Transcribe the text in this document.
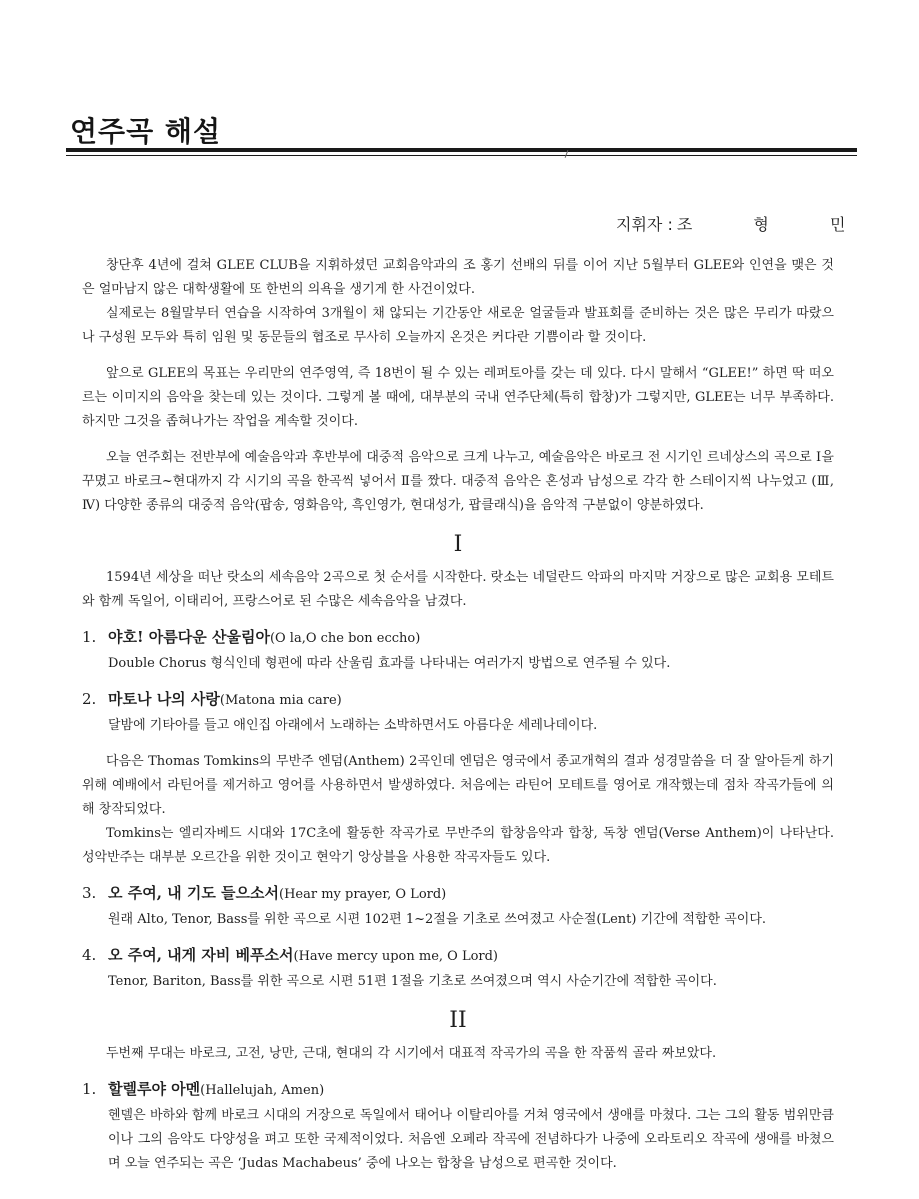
연주곡 해설
지휘자 : 조 형 민

창단후 4년에 걸쳐 GLEE CLUB을 지휘하셨던 교회음악과의 조 홍기 선배의 뒤를 이어 지난 5월부터 GLEE와 인연을 맺은 것은 얼마남지 않은 대학생활에 또 한번의 의욕을 생기게 한 사건이었다.

실제로는 8월말부터 연습을 시작하여 3개월이 채 않되는 기간동안 새로운 얼굴들과 발표회를 준비하는 것은 많은 무리가 따랐으나 구성원 모두와 특히 임원 및 동문들의 협조로 무사히 오늘까지 온것은 커다란 기쁨이라 할 것이다.

앞으로 GLEE의 목표는 우리만의 연주영역, 즉 18번이 될 수 있는 레퍼토아를 갖는 데 있다. 다시 말해서 “GLEE!” 하면 딱 떠오르는 이미지의 음악을 찾는데 있는 것이다. 그렇게 볼 때에, 대부분의 국내 연주단체(특히 합창)가 그렇지만, GLEE는 너무 부족하다. 하지만 그것을 좁혀나가는 작업을 계속할 것이다.

오늘 연주회는 전반부에 예술음악과 후반부에 대중적 음악으로 크게 나누고, 예술음악은 바로크 전 시기인 르네상스의 곡으로 Ⅰ을 꾸몄고 바로크~현대까지 각 시기의 곡을 한곡씩 넣어서 Ⅱ를 짰다. 대중적 음악은 혼성과 남성으로 각각 한 스테이지씩 나누었고 (Ⅲ, Ⅳ) 다양한 종류의 대중적 음악(팝송, 영화음악, 흑인영가, 현대성가, 팝클래식)을 음악적 구분없이 양분하였다.

I

1594년 세상을 떠난 랏소의 세속음악 2곡으로 첫 순서를 시작한다. 랏소는 네덜란드 악파의 마지막 거장으로 많은 교회용 모테트와 함께 독일어, 이태리어, 프랑스어로 된 수많은 세속음악을 남겼다.

1. 야호! 아름다운 산울림아(O la,O che bon eccho)
Double Chorus 형식인데 형편에 따라 산울림 효과를 나타내는 여러가지 방법으로 연주될 수 있다.
2. 마토나 나의 사랑(Matona mia care)
달밤에 기타아를 들고 애인집 아래에서 노래하는 소박하면서도 아름다운 세레나데이다.

다음은 Thomas Tomkins의 무반주 엔덤(Anthem) 2곡인데 엔덤은 영국에서 종교개혁의 결과 성경말씀을 더 잘 알아듣게 하기 위해 예배에서 라틴어를 제거하고 영어를 사용하면서 발생하였다. 처음에는 라틴어 모테트를 영어로 개작했는데 점차 작곡가들에 의해 창작되었다.

Tomkins는 엘리자베드 시대와 17C초에 활동한 작곡가로 무반주의 합창음악과 합창, 독창 엔덤(Verse Anthem)이 나타난다. 성악반주는 대부분 오르간을 위한 것이고 현악기 앙상블을 사용한 작곡자들도 있다.

3. 오 주여, 내 기도 들으소서(Hear my prayer, O Lord)
원래 Alto, Tenor, Bass를 위한 곡으로 시편 102편 1~2절을 기초로 쓰여졌고 사순절(Lent) 기간에 적합한 곡이다.
4. 오 주여, 내게 자비 베푸소서(Have mercy upon me, O Lord)
Tenor, Bariton, Bass를 위한 곡으로 시편 51편 1절을 기초로 쓰여졌으며 역시 사순기간에 적합한 곡이다.
II

두번째 무대는 바로크, 고전, 낭만, 근대, 현대의 각 시기에서 대표적 작곡가의 곡을 한 작품씩 골라 짜보았다.

1. 할렐루야 아멘(Hallelujah, Amen)
헨델은 바하와 함께 바로크 시대의 거장으로 독일에서 태어나 이탈리아를 거쳐 영국에서 생애를 마쳤다. 그는 그의 활동 범위만큼이나 그의 음악도 다양성을 펴고 또한 국제적이었다. 처음엔 오페라 작곡에 전념하다가 나중에 오라토리오 작곡에 생애를 바쳤으며 오늘 연주되는 곡은 ‘Judas Machabeus’ 중에 나오는 합창을 남성으로 편곡한 것이다.
